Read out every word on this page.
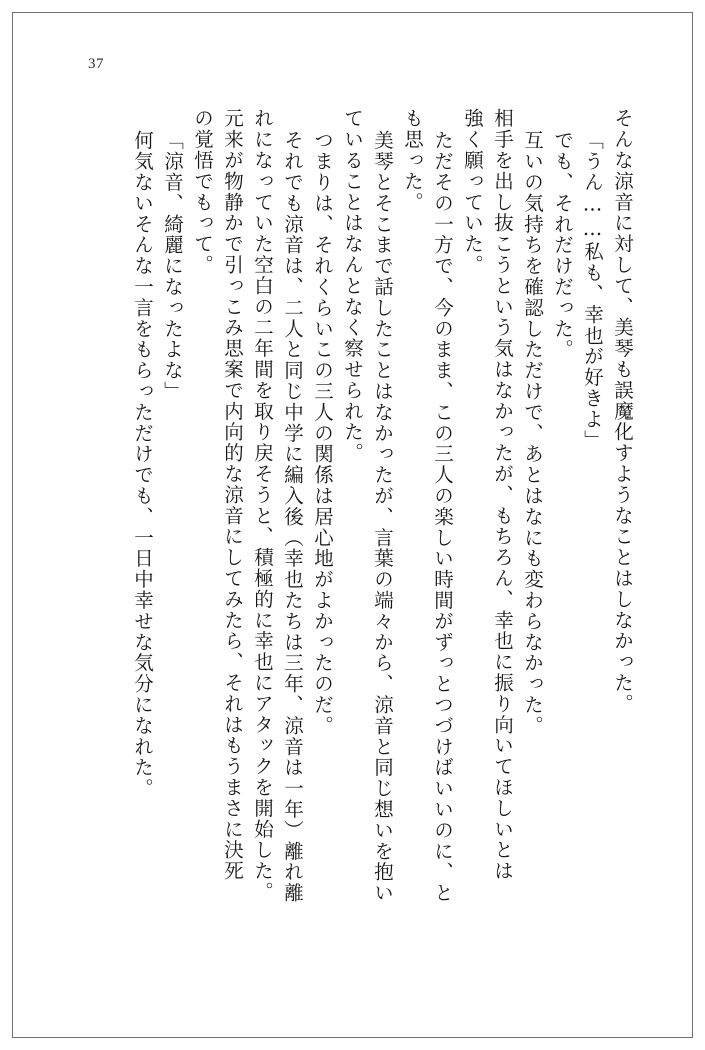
37
そんな涼音に対して、美琴も誤魔化すようなことはしなかった。
「うん……私も、幸也が好きよ」
でも、それだけだった。
互いの気持ちを確認しただけで、あとはなにも変わらなかった。
相手を出し抜こうという気はなかったが、もちろん、幸也に振り向いてほしいとは
強く願っていた。
ただその一方で、今のまま、この三人の楽しい時間がずっとつづけばいいのに、と
も思った。
美琴とそこまで話したことはなかったが、言葉の端々から、涼音と同じ想いを抱い
ていることはなんとなく察せられた。
つまりは、それくらいこの三人の関係は居心地がよかったのだ。
それでも涼音は、二人と同じ中学に編入後（幸也たちは三年、涼音は一年）離れ離
れになっていた空白の二年間を取り戻そうと、積極的に幸也にアタックを開始した。
元来が物静かで引っこみ思案で内向的な涼音にしてみたら、それはもうまさに決死
の覚悟でもって。
「涼音、綺麗になったよな」
何気ないそんな一言をもらっただけでも、一日中幸せな気分になれた。
